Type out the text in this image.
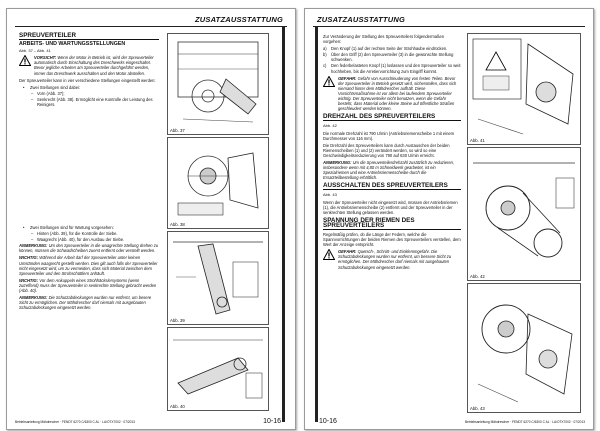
ZUSATZAUSSTATTUNG
SPREUVERTEILER
ARBEITS- UND WARTUNGSSTELLUNGEN
Abb. 37 – Abb. 41
VORSICHT: Wenn der Motor in Betrieb ist, wird der Spreuverteiler automatisch durch Einschaltung des Dreschwerks eingeschaltet. Bevor jegliche Arbeiten am Spreuverteiler durchgeführt werden, immer das Dreschwerk ausschalten und den Motor abstellen.
Der Spreuverteiler kann in vier verschiedene Stellungen eingestellt werden:
•	Zwei Stellungen sind dabei:
– Vorn (Abb. 37);
– Senkrecht (Abb. 38). Ermöglicht eine Kontrolle der Leistung des Reinigers.
•	Zwei Stellungen sind für Wartung vorgesehen:
– Hinten (Abb. 39), für die Kontrolle der Siebe.
– Waagrecht (Abb. 40), für den Ausbau der Siebe.
ANMERKUNG: Um den Spreuverteiler in die waagrechte Stellung drehen zu können, müssen die Schwadscheiben zuerst entfernt oder verstellt werden.
WICHTIG: Während der Arbeit darf der Spreuverteiler unter keinen Umständen waagrecht gestellt werden. Dies gilt auch falls der Spreuverteiler nicht eingesetzt wird, um zu vermeiden, dass sich Material zwischen dem Spreuverteiler und den Strohschüttlern anhäuft.
WICHTIG: Vor dem Ankuppeln eines Strohhäckslersystems (wenn zutreffend) muss der Spreuverteiler in senkrechte Stellung gebracht werden (Abb. 40).
ANMERKUNG: Die Schutzabdeckungen wurden nur entfernt, um besere Sicht zu ermöglichen. Der Mähdrescher darf niemals mit ausgebauten Schutzabdeckungen eingesetzt werden.
Abb. 37
Abb. 38
Abb. 39
Abb. 40
Betriebsanleitung Mähdrescher · FENDT 6270 C/6300 C AL · LA/OTX7002 · 07/2013	10-16
ZUSATZAUSSTATTUNG
Zur Veränderung der Stellung des Spreuverteilers folgendermaßen vorgehen:
a)	Den Knopf (1) auf der rechten Seite der Strohhaube eindrücken.
b)	Über den Griff (2) den Spreuverteiler (3) in die gewünschte Stellung schwenken.
c)	Den federbelasteten Knopf (1) loslassen und den Spreuverteiler so weit hochheben, bis die Arretiervorrichtung zum Eingriff kommt.
GEFAHR: Gefahr von Ausschleuderung von festen Teilen. Bevor der Spreuverteiler in Betrieb gesetzt wird, sicherstellen, dass sich niemand hinter dem Mähdrescher aufhält. Diese Vorsichtsmaßnahme ist vor allem bei laufendem Spreuverteiler wichtig. Der Spreuverteiler nicht benutzen, wenn die Gefahr besteht, dass Material oder kleine Steine auf öffentliche Straßen geschleudert werden können.
DREHZAHL DES SPREUVERTEILERS
Abb. 42
Die normale Drehzahl ist 790 U/min (Antriebsriemenscheibe 1 mit einem Durchmesser von 116 mm).
Die Drehzahl des Spreuverteilers kann durch Austauschen der beiden Riemenscheiben (1) und (2) verändert werden, so wird so eine Geschwindigkeitsreduzierung von 790 auf 630 U/min erreicht.
ANMERKUNG: Um die Spreuverteilerdrehzahl zusätzlich zu reduzieren, insbesondere wenn mit 4,80 m Schneidwerk gearbeitet, ist ein Spezialriemen und eine Antriebsriemenscheibe durch die Ersatzteilbestellung erhältlich.
AUSSCHALTEN DES SPREUVERTEILERS
Abb. 43
Wenn der Spreuverteiler nicht eingesetzt wird, müssen der Antriebsriemen (1), die Antriebsriemenscheibe (2) entfernt und der Spreuverteiler in der senkrechten Stellung gelassen werden.
SPANNUNG DER RIEMEN DES SPREUVERTEILERS
Regelmäßig prüfen, ob die Länge der Federn, welche die Spannvorrichtungen der beiden Riemen des Spreuverteilers verstellen, dem Wert der Anzeige entspricht.
GEFAHR: Quetsch-, Schnitt- und Einklemmgefahr. Die Schutzabdeckungen wurden nur entfernt, um bessere Sicht zu ermöglichen. Der Mähdrescher darf niemals mit ausgebauten Schutzabdeckungen eingesetzt werden.
Abb. 41
Abb. 42
Abb. 43
10-16	Betriebsanleitung Mähdrescher · FENDT 6270 C/6300 C AL · LA/OTX7002 · 07/2013
